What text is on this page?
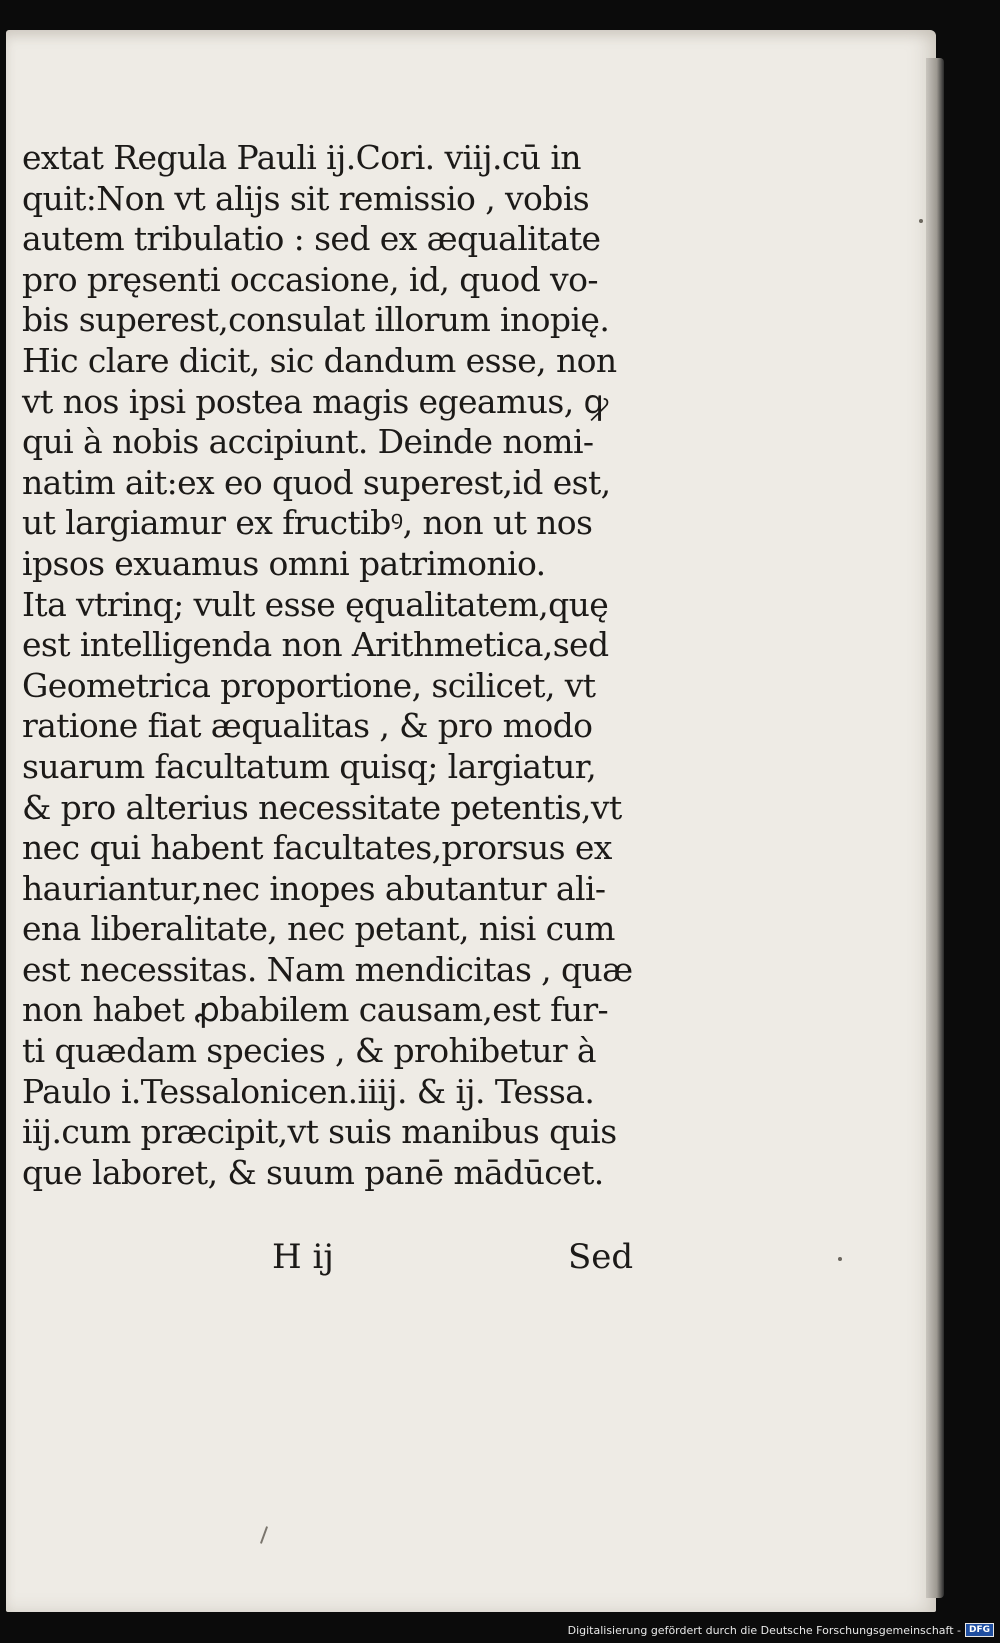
extat Regula Pauli ij.Cori. viij.cū in
quit:Non vt alijs sit remissio , vobis
autem tribulatio : sed ex æqualitate
pro pręsenti occasione, id, quod vo‑
bis superest,consulat illorum inopię.
Hic clare dicit, sic dandum esse, non
vt nos ipsi postea magis egeamus, ꝙ
qui à nobis accipiunt. Deinde nomi‑
natim ait:ex eo quod superest,id est,
ut largiamur ex fructibꝰ, non ut nos
ipsos exuamus omni patrimonio.
Ita vtrinq; vult esse ęqualitatem,quę
est intelligenda non Arithmetica,sed
Geometrica proportione, scilicet, vt
ratione fiat æqualitas , & pro modo
suarum facultatum quisq; largiatur,
& pro alterius necessitate petentis,vt
nec qui habent facultates,prorsus ex
hauriantur,nec inopes abutantur ali‑
ena liberalitate, nec petant, nisi cum
est necessitas. Nam mendicitas , quæ
non habet ꝓbabilem causam,est fur‑
ti quædam species , & prohibetur à
Paulo i.Tessalonicen.iiij. & ij. Tessa.
iij.cum præcipit,vt suis manibus quis
que laboret, & suum panē mādūcet.
H ij	Sed
Digitalisierung gefördert durch die Deutsche Forschungsgemeinschaft - DFG
